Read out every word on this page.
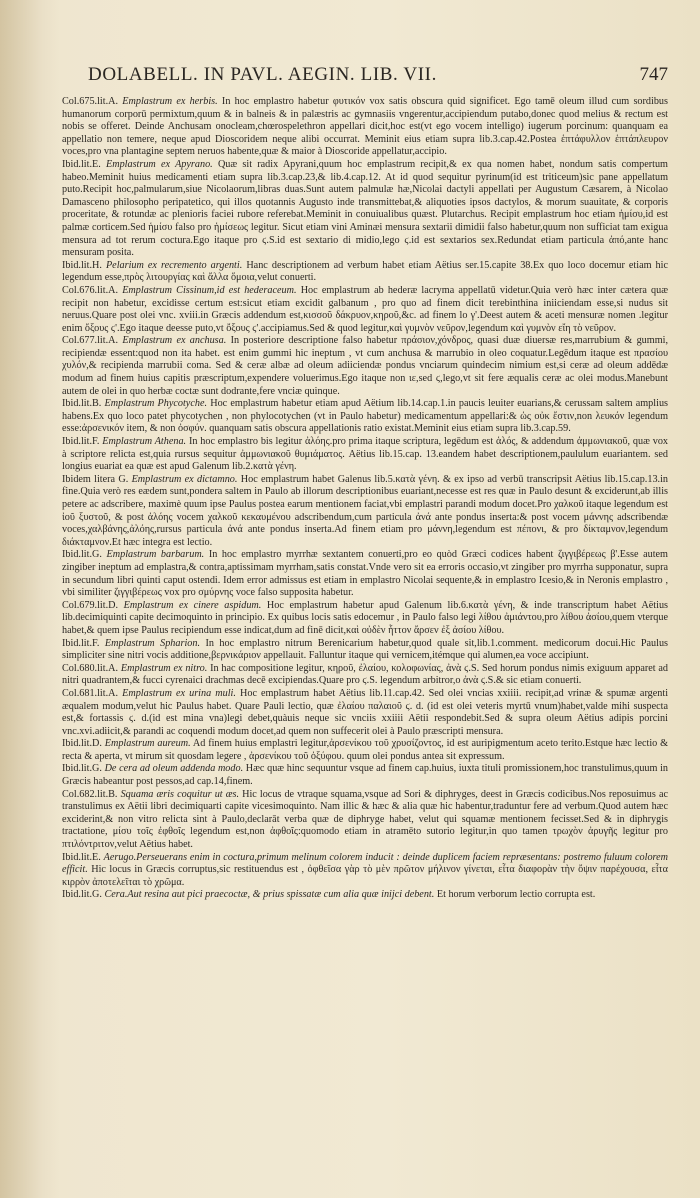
DOLABELL. IN PAVL. AEGIN. LIB. VII.	747

Col.675.lit.A. Emplastrum ex herbis. In hoc emplastro habetur φυτικόν vox satis obscura quid significet. Ego tamē oleum illud cum sordibus humanorum corporū permixtum,quum & in balneis & in palæstris ac gymnasiis vngerentur,accipiendum putabo,donec quod melius & rectum est nobis se offeret. Deinde Anchusam onocleam,chœrospelethron appellari dicit,hoc est(vt ego vocem intelligo) iugerum porcinum: quanquam ea appellatio non temere, neque apud Dioscoridem neque alibi occurrat. Meminit eius etiam supra lib.3.cap.42.Postea ἑπτάφυλλον ἑπτάπλευρον voces,pro vna plantagine septem neruos habente,quæ & maior à Dioscoride appellatur,accipio.

Ibid.lit.E. Emplastrum ex Apyrano. Quæ sit radix Apyrani,quum hoc emplastrum recipit,& ex qua nomen habet, nondum satis compertum habeo.Meminit huius medicamenti etiam supra lib.3.cap.23,& lib.4.cap.12. At id quod sequitur pyrinum(id est triticeum)sic pane appellatum puto.Recipit hoc,palmularum,siue Nicolaorum,libras duas.Sunt autem palmulæ hæ,Nicolai dactyli appellati per Augustum Cæsarem, à Nicolao Damasceno philosopho peripatetico, qui illos quotannis Augusto inde transmittebat,& aliquoties ipsos dactylos, & morum suauitate, & corporis proceritate, & rotundæ ac plenioris faciei rubore referebat.Meminit in conuiualibus quæst. Plutarchus. Recipit emplastrum hoc etiam ἡμίσυ,id est palmæ corticem.Sed ἡμίσυ falso pro ἡμίσεως legitur. Sicut etiam vini Aminæi mensura sextarii dimidii falso habetur,quum non sufficiat tam exigua mensura ad tot rerum coctura.Ego itaque pro ϛ.S.id est sextario di midio,lego ϛ.id est sextarios sex.Redundat etiam particula ἀπό,ante hanc mensuram posita.

Ibid.lit.H. Pelarium ex recremento argenti. Hanc descriptionem ad verbum habet etiam Aëtius ser.15.capite 38.Ex quo loco docemur etiam hic legendum esse,πρὸς λιτουργίας καὶ ἄλλα ὅμοια,velut conuerti.

Col.676.lit.A. Emplastrum Cissinum,id est hederaceum. Hoc emplastrum ab hederæ lacryma appellatū videtur.Quia verò hæc inter cætera quæ recipit non habetur, excidisse certum est:sicut etiam excidit galbanum , pro quo ad finem dicit terebinthina iniiciendam esse,si nudus sit neruus.Quare post olei vnc. xviii.in Græcis addendum est,κισσοῦ δάκρυον,κηροῦ,&c. ad finem lo γ'.Deest autem & aceti mensuræ nomen .legitur enim ὄξους ϛ'.Ego itaque deesse puto,vt ὄξους ϛ'.accipiamus.Sed & quod legitur,καὶ γυμνὸν νεῦρον,legendum καὶ γυμνὸν εἴη τὸ νεῦρον.

Col.677.lit.A. Emplastrum ex anchusa. In posteriore descriptione falso habetur πράσιον,χόνδρος, quasi duæ diuersæ res,marrubium & gummi, recipiendæ essent:quod non ita habet. est enim gummi hic ineptum , vt cum anchusa & marrubio in oleo coquatur.Legēdum itaque est πρασίου χυλόν,& recipienda marrubii coma. Sed & ceræ albæ ad oleum adiiciendæ pondus vnciarum quindecim nimium est,si ceræ ad oleum addēdæ modum ad finem huius capitis præscriptum,expendere voluerimus.Ego itaque non ιε,sed ϛ,lego,vt sit fere æqualis ceræ ac olei modus.Manebunt autem de olei in quo herbæ coctæ sunt dodrante,fere vnciæ quinque.

Ibid.lit.B. Emplastrum Phycotyche. Hoc emplastrum habetur etiam apud Aëtium lib.14.cap.1.in paucis leuiter euarians,& cerussam saltem amplius habens.Ex quo loco patet phycotychen , non phylocotychen (vt in Paulo habetur) medicamentum appellari:& ὡς οὐκ ἔστιν,non λευκόν legendum esse:ἀρσενικόν item, & non ὀσφύν. quanquam satis obscura appellationis ratio existat.Meminit eius etiam supra lib.3.cap.59.

Ibid.lit.F. Emplastrum Athena. In hoc emplastro bis legitur ἀλόης.pro prima itaque scriptura, legēdum est ἁλός, & addendum ἀμμωνιακοῦ, quæ vox à scriptore relicta est,quia rursus sequitur ἀμμωνιακοῦ θυμιάματος. Aëtius lib.15.cap. 13.eandem habet descriptionem,paululum euariantem. sed longius euariat ea quæ est apud Galenum lib.2.κατὰ γένη.

Ibidem litera G. Emplastrum ex dictamno. Hoc emplastrum habet Galenus lib.5.κατὰ γένη. & ex ipso ad verbū transcripsit Aëtius lib.15.cap.13.in fine.Quia verò res eædem sunt,pondera saltem in Paulo ab illorum descriptionibus euariant,necesse est res quæ in Paulo desunt & exciderunt,ab illis petere ac adscribere, maximè quum ipse Paulus postea earum mentionem faciat,vbi emplastri parandi modum docet.Pro χαλκοῦ itaque legendum est ἰοῦ ξυστοῦ, & post ἀλόης vocem χαλκοῦ κεκαυμένου adscribendum,cum particula ἀνά ante pondus inserta:& post vocem μάννης adscribendæ voces,χαλβάνης,ἀλόης,rursus particula ἀνά ante pondus inserta.Ad finem etiam pro μάννη,legendum est πέπονι, & pro δίκταμνον,legendum διάκταμνον.Et hæc integra est lectio.

Ibid.lit.G. Emplastrum barbarum. In hoc emplastro myrrhæ sextantem conuerti,pro eo quòd Græci codices habent ζιγγιβέρεως β'.Esse autem zingiber ineptum ad emplastra,& contra,aptissimam myrrham,satis constat.Vnde vero sit ea erroris occasio,vt zingiber pro myrrha supponatur, supra in secundum libri quinti caput ostendi. Idem error admissus est etiam in emplastro Nicolai sequente,& in emplastro Icesio,& in Neronis emplastro , vbi similiter ζιγγιβέρεως vox pro σμύρνης voce falso supposita habetur.

Col.679.lit.D. Emplastrum ex cinere aspidum. Hoc emplastrum habetur apud Galenum lib.6.κατὰ γένη, & inde transcriptum habet Aëtius lib.decimiquinti capite decimoquinto in principio. Ex quibus locis satis edocemur , in Paulo falso legi λίθου ἀμιάντου,pro λίθου ἀσίου,quem vterque habet,& quem ipse Paulus recipiendum esse indicat,dum ad finē dicit,καὶ οὐδὲν ἧττον ἄρσεν ἐξ ἀσίου λίθου.

Ibid.lit.F. Emplastrum Spharion. In hoc emplastro nitrum Berenicarium habetur,quod quale sit,lib.1.comment. medicorum docui.Hic Paulus simpliciter sine nitri vocis additione,βερνικάριον appellauit. Falluntur itaque qui vernicem,itémque qui alumen,ea voce accipiunt.

Col.680.lit.A. Emplastrum ex nitro. In hac compositione legitur, κηροῦ, ἐλαίου, κολοφωνίας, ἀνὰ ϛ.S. Sed horum pondus nimis exiguum apparet ad nitri quadrantem,& fucci cyrenaici drachmas decē excipiendas.Quare pro ϛ.S. legendum arbitror,ο ἀνὰ ϛ.S.& sic etiam conuerti.

Col.681.lit.A. Emplastrum ex urina muli. Hoc emplastrum habet Aëtius lib.11.cap.42. Sed olei vncias xxiiii. recipit,ad vrinæ & spumæ argenti æqualem modum,velut hic Paulus habet. Quare Pauli lectio, quæ ἐλαίου παλαιοῦ ϛ. d. (id est olei veteris myrtū vnum)habet,valde mihi suspecta est,& fortassis ϛ. d.(id est mina vna)legi debet,quàuis neque sic vnciis xxiiii Aëtii respondebit.Sed & supra oleum Aëtius adipis porcini vnc.xvi.adiicit,& parandi ac coquendi modum docet,ad quem non suffecerit olei à Paulo præscripti mensura.

Ibid.lit.D. Emplastrum aureum. Ad finem huius emplastri legitur,ἀρσενίκου τοῦ χρυσίζοντος, id est auripigmentum aceto terito.Estque hæc lectio & recta & aperta, vt mirum sit quosdam legere , ἀρσενίκου τοῦ ὀξύφου. quum olei pondus antea sit expressum.

Ibid.lit.G. De cera ad oleum addenda modo. Hæc quæ hinc sequuntur vsque ad finem cap.huius, iuxta tituli promissionem,hoc transtulimus,quum in Græcis habeantur post pessos,ad cap.14,finem.

Col.682.lit.B. Squama æris coquitur ut æs. Hic locus de vtraque squama,vsque ad Sori & diphryges, deest in Græcis codicibus.Nos reposuimus ac transtulimus ex Aëtii libri decimiquarti capite vicesimoquinto. Nam illic & hæc & alia quæ hic habentur,traduntur fere ad verbum.Quod autem hæc exciderint,& non vitro relicta sint à Paulo,declarāt verba quæ de diphryge habet, velut qui squamæ mentionem fecisset.Sed & in diphrygis tractatione, μίσυ τοῖς ἐφθοῖς legendum est,non ἀφθοῖς:quomodo etiam in atramēto sutorio legitur,in quo tamen τρωχὸν ἀρυγῆς legitur pro πτιλόντριτον,velut Aëtius habet.

Ibid.lit.E. Aerugo.Perseuerans enim in coctura,primum melinum colorem inducit : deinde duplicem faciem repræsentans: postremo fuluum colorem efficit. Hic locus in Græcis corruptus,sic restituendus est , ὀφθεῖσα γὰρ τὸ μὲν πρῶτον μήλινον γίνεται, εἶτα διαφορὰν τὴν ὄψιν παρέχουσα, εἶτα κιρρὸν ἀποτελεῖται τὸ χρῶμα.

Ibid.lit.G. Cera.Aut resina aut pici praecoctæ, & prius spissatæ cum alia quæ inijci debent. Et horum verborum lectio corrupta est.
